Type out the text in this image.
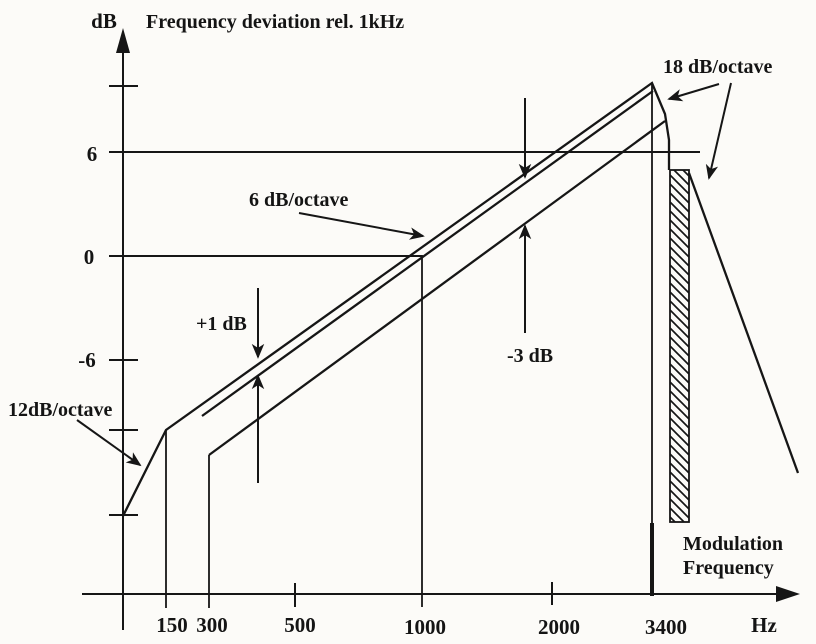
dB Frequency deviation rel. 1kHz
6
0
-6
12dB/octave
6 dB/octave
18 dB/octave
+1 dB
-3 dB
Modulation
Frequency
150 300	500	1000	2000	3400	Hz
